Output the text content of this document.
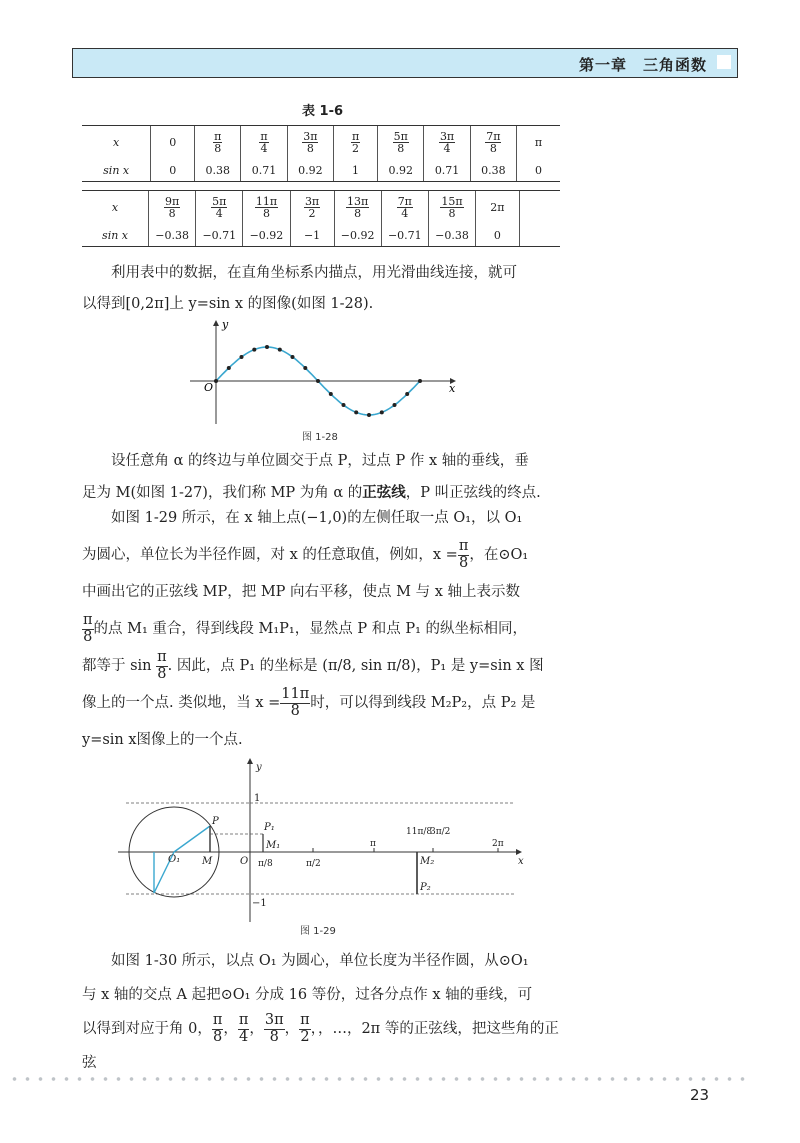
第一章　三角函数
表 1-6
x	0	$\frac{\pi}{8}$	$\frac{\pi}{4}$	$\frac{3\pi}{8}$	$\frac{\pi}{2}$	$\frac{5\pi}{8}$	$\frac{3\pi}{4}$	$\frac{7\pi}{8}$	π
sin x	0	0.38	0.71	0.92	1	0.92	0.71	0.38	0
x	$\frac{9\pi}{8}$	$\frac{5\pi}{4}$	$\frac{11\pi}{8}$	$\frac{3\pi}{2}$	$\frac{13\pi}{8}$	$\frac{7\pi}{4}$	$\frac{15\pi}{8}$	2π	
sin x	−0.38	−0.71	−0.92	−1	−0.92	−0.71	−0.38	0	

利用表中的数据，在直角坐标系内描点，用光滑曲线连接，就可

以得到[0,2π]上 y=sin x 的图像(如图 1-28).

O
y
x
图 1-28

设任意角 α 的终边与单位圆交于点 P，过点 P 作 x 轴的垂线，垂

足为 M(如图 1-27)，我们称 MP 为角 α 的正弦线，P 叫正弦线的终点.

如图 1-29 所示，在 x 轴上点(−1,0)的左侧任取一点 O₁，以 O₁

为圆心，单位长为半径作圆，对 x 的任意取值，例如，$x = \frac{\pi}{8}$ ，在⊙O₁

中画出它的正弦线 MP，把 MP 向右平移，使点 M 与 x 轴上表示数

$\frac{\pi}{8}$ 的点 M₁ 重合，得到线段 M₁P₁，显然点 P 和点 P₁ 的纵坐标相同，

都等于 $\sin \frac{\pi}{8}$ . 因此，点 P₁ 的坐标是 (π/8, sin π/8)，P₁ 是 y=sin x 图

像上的一个点. 类似地，当 $x = \frac{11\pi}{8}$ 时，可以得到线段 M₂P₂，点 P₂ 是

y=sin x图像上的一个点.

y
x
O
1
−1
P
M
O₁
P₁
M₁
π/8	π/2
π
11π/8
3π/2
2π
M₂
P₂
图 1-29

如图 1-30 所示，以点 O₁ 为圆心，单位长度为半径作圆，从⊙O₁

与 x 轴的交点 A 起把⊙O₁ 分成 16 等份，过各分点作 x 轴的垂线，可

以得到对应于角 0， $\frac{\pi}{8}$ ， $\frac{\pi}{4}$ ， $\frac{3\pi}{8}$ ， $\frac{\pi}{2}$ ，，…，2π 等的正弦线，把这些角的正弦

23
